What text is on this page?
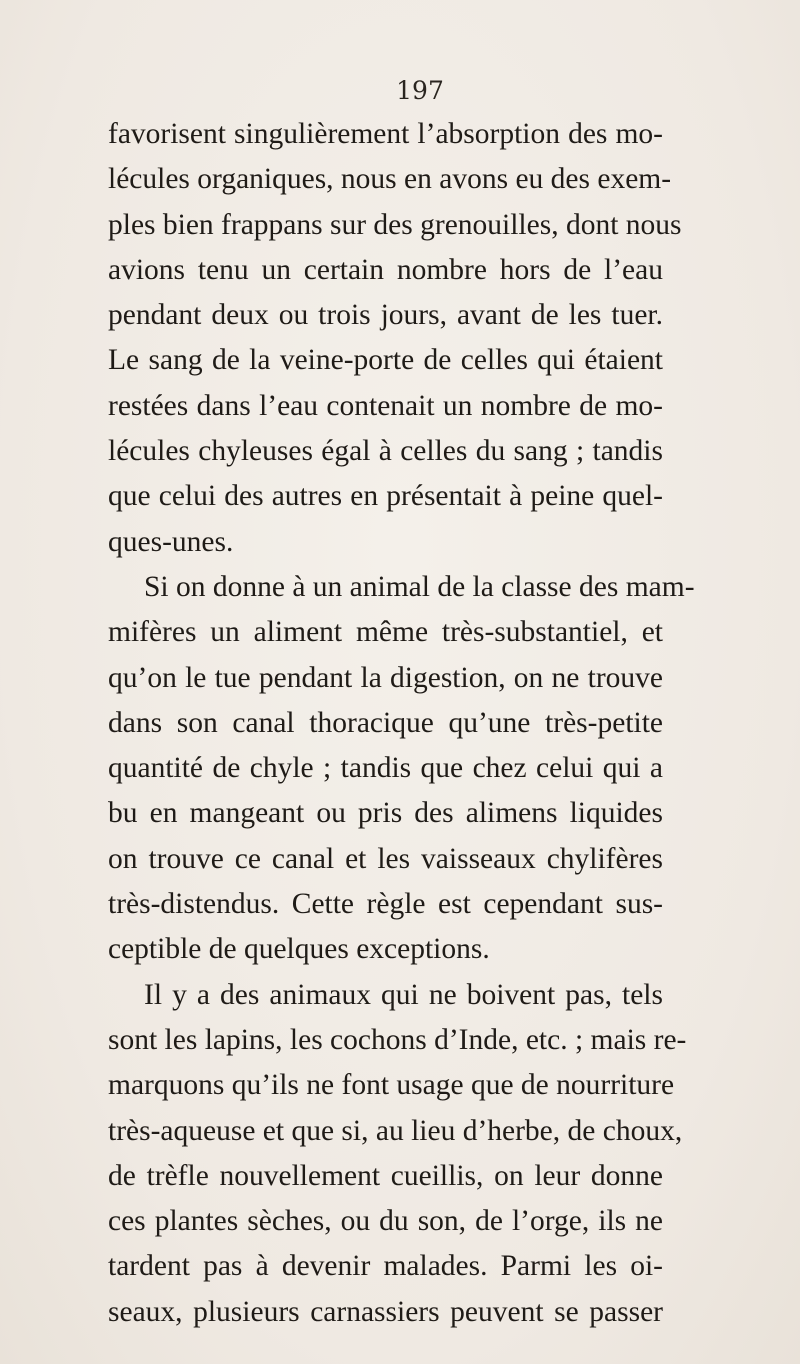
197
favorisent singulièrement l’absorption des mo-
lécules organiques, nous en avons eu des exem-
ples bien frappans sur des grenouilles, dont nous
avions tenu un certain nombre hors de l’eau
pendant deux ou trois jours, avant de les tuer.
Le sang de la veine-porte de celles qui étaient
restées dans l’eau contenait un nombre de mo-
lécules chyleuses égal à celles du sang ; tandis
que celui des autres en présentait à peine quel-
ques-unes.
Si on donne à un animal de la classe des mam-
mifères un aliment même très-substantiel, et
qu’on le tue pendant la digestion, on ne trouve
dans son canal thoracique qu’une très-petite
quantité de chyle ; tandis que chez celui qui a
bu en mangeant ou pris des alimens liquides
on trouve ce canal et les vaisseaux chylifères
très-distendus. Cette règle est cependant sus-
ceptible de quelques exceptions.
Il y a des animaux qui ne boivent pas, tels
sont les lapins, les cochons d’Inde, etc. ; mais re-
marquons qu’ils ne font usage que de nourriture
très-aqueuse et que si, au lieu d’herbe, de choux,
de trèfle nouvellement cueillis, on leur donne
ces plantes sèches, ou du son, de l’orge, ils ne
tardent pas à devenir malades. Parmi les oi-
seaux, plusieurs carnassiers peuvent se passer
